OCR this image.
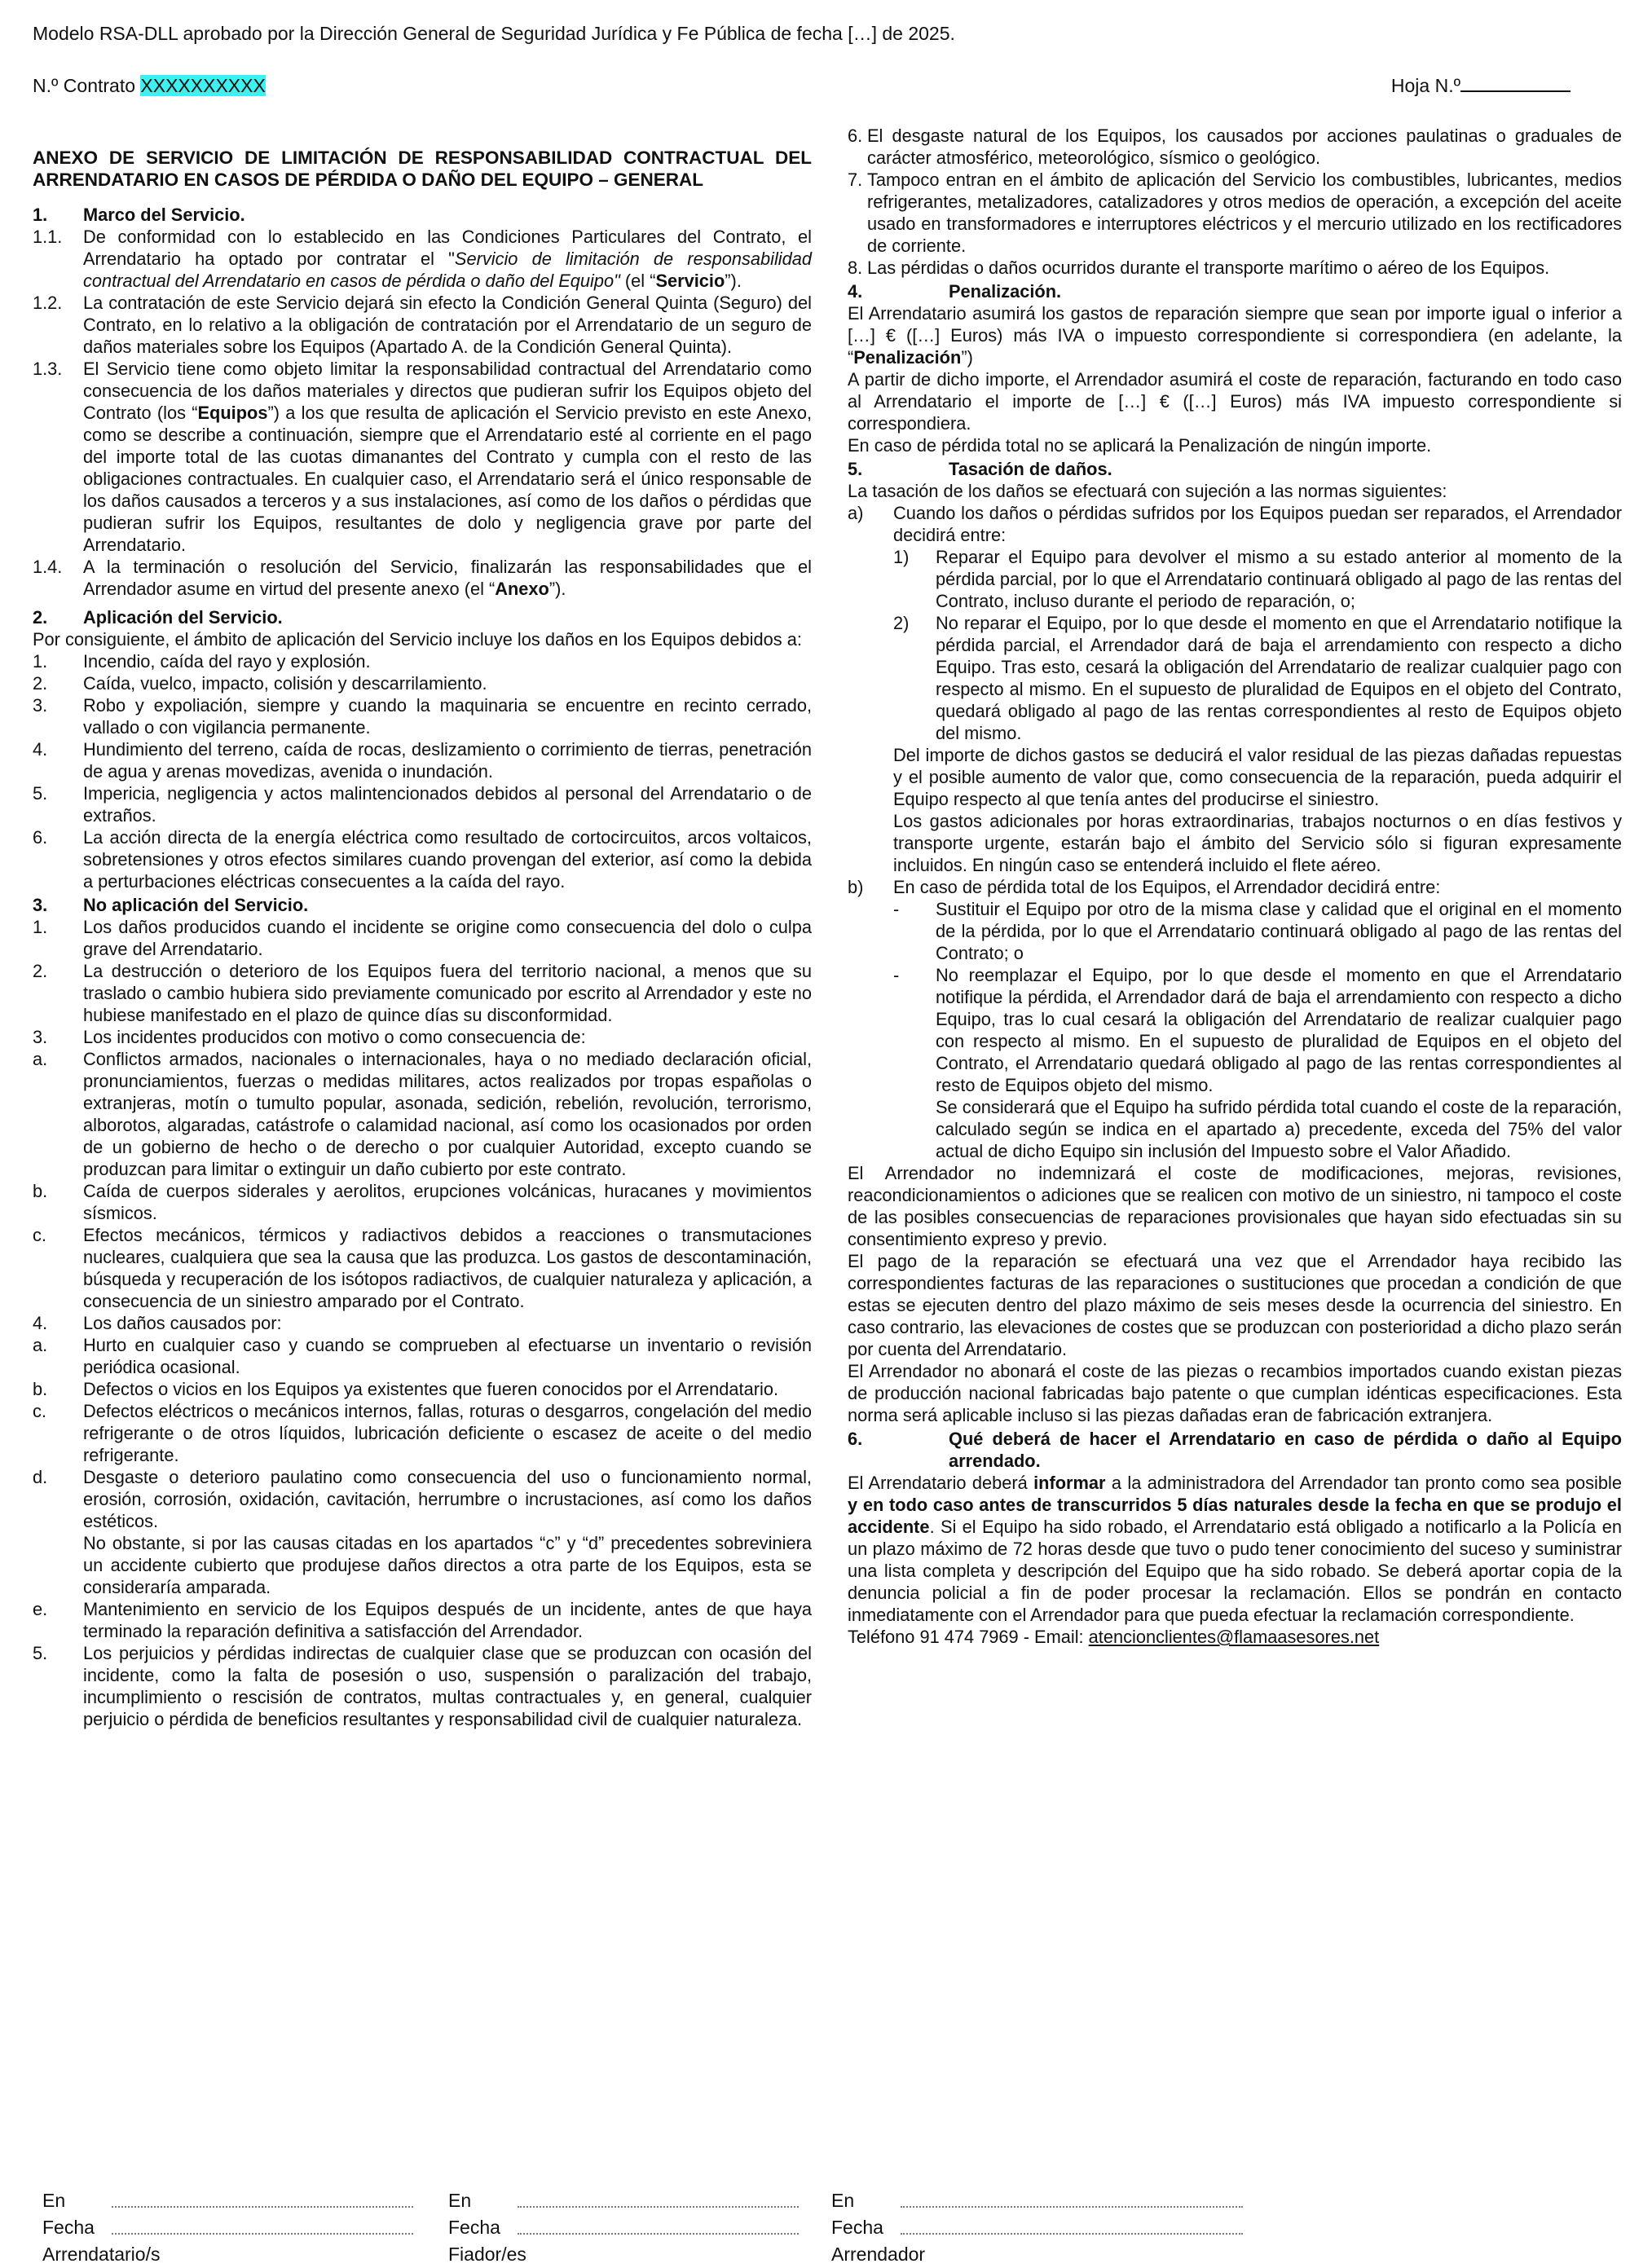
Modelo RSA-DLL aprobado por la Dirección General de Seguridad Jurídica y Fe Pública de fecha […] de 2025.
N.º Contrato XXXXXXXXXX	Hoja N.º
ANEXO DE SERVICIO DE LIMITACIÓN DE RESPONSABILIDAD CONTRACTUAL DEL ARRENDATARIO EN CASOS DE PÉRDIDA O DAÑO DEL EQUIPO – GENERAL
1.	Marco del Servicio.
1.1.	De conformidad con lo establecido en las Condiciones Particulares del Contrato, el Arrendatario ha optado por contratar el "Servicio de limitación de responsabilidad contractual del Arrendatario en casos de pérdida o daño del Equipo" (el “Servicio”).
1.2.	La contratación de este Servicio dejará sin efecto la Condición General Quinta (Seguro) del Contrato, en lo relativo a la obligación de contratación por el Arrendatario de un seguro de daños materiales sobre los Equipos (Apartado A. de la Condición General Quinta).
1.3.	El Servicio tiene como objeto limitar la responsabilidad contractual del Arrendatario como consecuencia de los daños materiales y directos que pudieran sufrir los Equipos objeto del Contrato (los “Equipos”) a los que resulta de aplicación el Servicio previsto en este Anexo, como se describe a continuación, siempre que el Arrendatario esté al corriente en el pago del importe total de las cuotas dimanantes del Contrato y cumpla con el resto de las obligaciones contractuales. En cualquier caso, el Arrendatario será el único responsable de los daños causados a terceros y a sus instalaciones, así como de los daños o pérdidas que pudieran sufrir los Equipos, resultantes de dolo y negligencia grave por parte del Arrendatario.
1.4.	A la terminación o resolución del Servicio, finalizarán las responsabilidades que el Arrendador asume en virtud del presente anexo (el “Anexo”).
2.	Aplicación del Servicio.
Por consiguiente, el ámbito de aplicación del Servicio incluye los daños en los Equipos debidos a:
1.	Incendio, caída del rayo y explosión.
2.	Caída, vuelco, impacto, colisión y descarrilamiento.
3.	Robo y expoliación, siempre y cuando la maquinaria se encuentre en recinto cerrado, vallado o con vigilancia permanente.
4.	Hundimiento del terreno, caída de rocas, deslizamiento o corrimiento de tierras, penetración de agua y arenas movedizas, avenida o inundación.
5.	Impericia, negligencia y actos malintencionados debidos al personal del Arrendatario o de extraños.
6.	La acción directa de la energía eléctrica como resultado de cortocircuitos, arcos voltaicos, sobretensiones y otros efectos similares cuando provengan del exterior, así como la debida a perturbaciones eléctricas consecuentes a la caída del rayo.
3.	No aplicación del Servicio.
1.	Los daños producidos cuando el incidente se origine como consecuencia del dolo o culpa grave del Arrendatario.
2.	La destrucción o deterioro de los Equipos fuera del territorio nacional, a menos que su traslado o cambio hubiera sido previamente comunicado por escrito al Arrendador y este no hubiese manifestado en el plazo de quince días su disconformidad.
3.	Los incidentes producidos con motivo o como consecuencia de:
a.	Conflictos armados, nacionales o internacionales, haya o no mediado declaración oficial, pronunciamientos, fuerzas o medidas militares, actos realizados por tropas españolas o extranjeras, motín o tumulto popular, asonada, sedición, rebelión, revolución, terrorismo, alborotos, algaradas, catástrofe o calamidad nacional, así como los ocasionados por orden de un gobierno de hecho o de derecho o por cualquier Autoridad, excepto cuando se produzcan para limitar o extinguir un daño cubierto por este contrato.
b.	Caída de cuerpos siderales y aerolitos, erupciones volcánicas, huracanes y movimientos sísmicos.
c.	Efectos mecánicos, térmicos y radiactivos debidos a reacciones o transmutaciones nucleares, cualquiera que sea la causa que las produzca. Los gastos de descontaminación, búsqueda y recuperación de los isótopos radiactivos, de cualquier naturaleza y aplicación, a consecuencia de un siniestro amparado por el Contrato.
4.	Los daños causados por:
a.	Hurto en cualquier caso y cuando se comprueben al efectuarse un inventario o revisión periódica ocasional.
b.	Defectos o vicios en los Equipos ya existentes que fueren conocidos por el Arrendatario.
c.	Defectos eléctricos o mecánicos internos, fallas, roturas o desgarros, congelación del medio refrigerante o de otros líquidos, lubricación deficiente o escasez de aceite o del medio refrigerante.
d.	Desgaste o deterioro paulatino como consecuencia del uso o funcionamiento normal, erosión, corrosión, oxidación, cavitación, herrumbre o incrustaciones, así como los daños estéticos.
No obstante, si por las causas citadas en los apartados “c” y “d” precedentes sobreviniera un accidente cubierto que produjese daños directos a otra parte de los Equipos, esta se consideraría amparada.
e.	Mantenimiento en servicio de los Equipos después de un incidente, antes de que haya terminado la reparación definitiva a satisfacción del Arrendador.
5.	Los perjuicios y pérdidas indirectas de cualquier clase que se produzcan con ocasión del incidente, como la falta de posesión o uso, suspensión o paralización del trabajo, incumplimiento o rescisión de contratos, multas contractuales y, en general, cualquier perjuicio o pérdida de beneficios resultantes y responsabilidad civil de cualquier naturaleza.
6. El desgaste natural de los Equipos, los causados por acciones paulatinas o graduales de carácter atmosférico, meteorológico, sísmico o geológico.
7. Tampoco entran en el ámbito de aplicación del Servicio los combustibles, lubricantes, medios refrigerantes, metalizadores, catalizadores y otros medios de operación, a excepción del aceite usado en transformadores e interruptores eléctricos y el mercurio utilizado en los rectificadores de corriente.
8. Las pérdidas o daños ocurridos durante el transporte marítimo o aéreo de los Equipos.
4.	Penalización.
El Arrendatario asumirá los gastos de reparación siempre que sean por importe igual o inferior a […] € ([…] Euros) más IVA o impuesto correspondiente si correspondiera (en adelante, la “Penalización”)
A partir de dicho importe, el Arrendador asumirá el coste de reparación, facturando en todo caso al Arrendatario el importe de […] € ([…] Euros) más IVA impuesto correspondiente si correspondiera.
En caso de pérdida total no se aplicará la Penalización de ningún importe.
5.	Tasación de daños.
La tasación de los daños se efectuará con sujeción a las normas siguientes:
a)	Cuando los daños o pérdidas sufridos por los Equipos puedan ser reparados, el Arrendador decidirá entre:
1)	Reparar el Equipo para devolver el mismo a su estado anterior al momento de la pérdida parcial, por lo que el Arrendatario continuará obligado al pago de las rentas del Contrato, incluso durante el periodo de reparación, o;
2)	No reparar el Equipo, por lo que desde el momento en que el Arrendatario notifique la pérdida parcial, el Arrendador dará de baja el arrendamiento con respecto a dicho Equipo. Tras esto, cesará la obligación del Arrendatario de realizar cualquier pago con respecto al mismo. En el supuesto de pluralidad de Equipos en el objeto del Contrato, quedará obligado al pago de las rentas correspondientes al resto de Equipos objeto del mismo.
Del importe de dichos gastos se deducirá el valor residual de las piezas dañadas repuestas y el posible aumento de valor que, como consecuencia de la reparación, pueda adquirir el Equipo respecto al que tenía antes del producirse el siniestro.
Los gastos adicionales por horas extraordinarias, trabajos nocturnos o en días festivos y transporte urgente, estarán bajo el ámbito del Servicio sólo si figuran expresamente incluidos. En ningún caso se entenderá incluido el flete aéreo.
b)	En caso de pérdida total de los Equipos, el Arrendador decidirá entre:
-	Sustituir el Equipo por otro de la misma clase y calidad que el original en el momento de la pérdida, por lo que el Arrendatario continuará obligado al pago de las rentas del Contrato; o
-	No reemplazar el Equipo, por lo que desde el momento en que el Arrendatario notifique la pérdida, el Arrendador dará de baja el arrendamiento con respecto a dicho Equipo, tras lo cual cesará la obligación del Arrendatario de realizar cualquier pago con respecto al mismo. En el supuesto de pluralidad de Equipos en el objeto del Contrato, el Arrendatario quedará obligado al pago de las rentas correspondientes al resto de Equipos objeto del mismo.
Se considerará que el Equipo ha sufrido pérdida total cuando el coste de la reparación, calculado según se indica en el apartado a) precedente, exceda del 75% del valor actual de dicho Equipo sin inclusión del Impuesto sobre el Valor Añadido.
El Arrendador no indemnizará el coste de modificaciones, mejoras, revisiones, reacondicionamientos o adiciones que se realicen con motivo de un siniestro, ni tampoco el coste de las posibles consecuencias de reparaciones provisionales que hayan sido efectuadas sin su consentimiento expreso y previo.
El pago de la reparación se efectuará una vez que el Arrendador haya recibido las correspondientes facturas de las reparaciones o sustituciones que procedan a condición de que estas se ejecuten dentro del plazo máximo de seis meses desde la ocurrencia del siniestro. En caso contrario, las elevaciones de costes que se produzcan con posterioridad a dicho plazo serán por cuenta del Arrendatario.
El Arrendador no abonará el coste de las piezas o recambios importados cuando existan piezas de producción nacional fabricadas bajo patente o que cumplan idénticas especificaciones. Esta norma será aplicable incluso si las piezas dañadas eran de fabricación extranjera.
6.	Qué deberá de hacer el Arrendatario en caso de pérdida o daño al Equipo arrendado.
El Arrendatario deberá informar a la administradora del Arrendador tan pronto como sea posible y en todo caso antes de transcurridos 5 días naturales desde la fecha en que se produjo el accidente. Si el Equipo ha sido robado, el Arrendatario está obligado a notificarlo a la Policía en un plazo máximo de 72 horas desde que tuvo o pudo tener conocimiento del suceso y suministrar una lista completa y descripción del Equipo que ha sido robado. Se deberá aportar copia de la denuncia policial a fin de poder procesar la reclamación. Ellos se pondrán en contacto inmediatamente con el Arrendador para que pueda efectuar la reclamación correspondiente.
Teléfono 91 474 7969 - Email: atencionclientes@flamaasesores.net
En
Fecha
Arrendatario/s
En
Fecha
Fiador/es
En
Fecha
Arrendador
